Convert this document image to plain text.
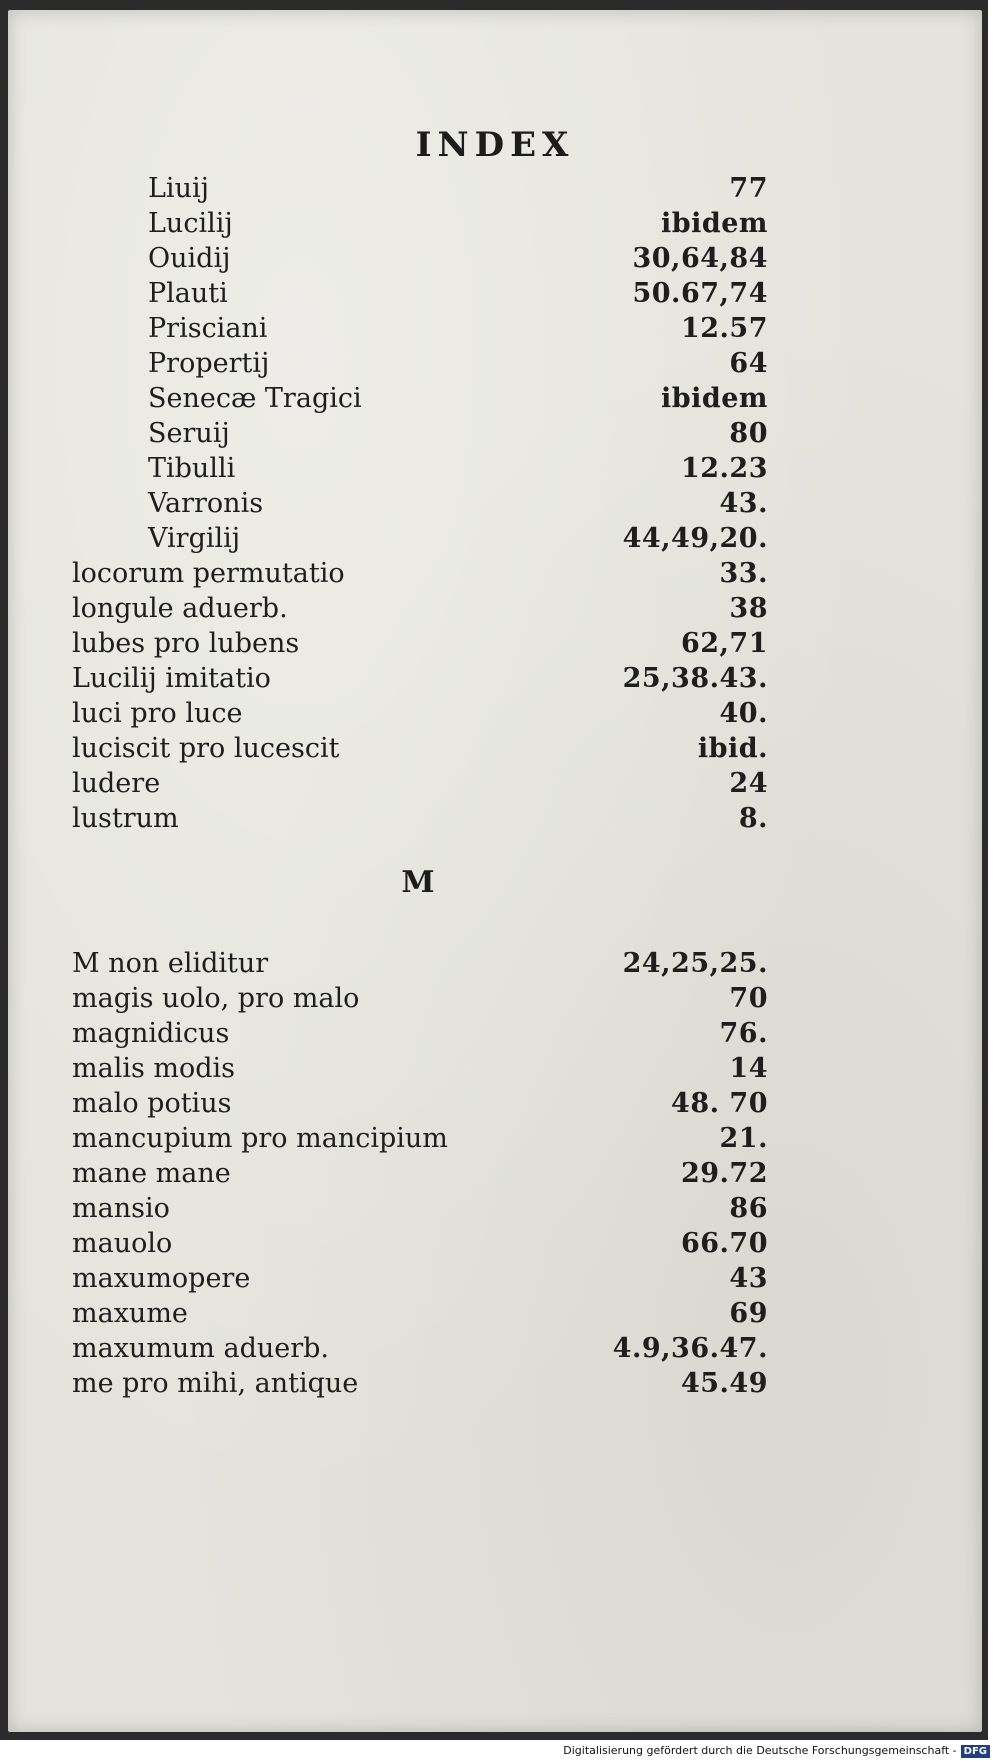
INDEX
Liuij	77
Lucilij	ibidem
Ouidij	30,64,84
Plauti	50.67,74
Prisciani	12.57
Propertij	64
Senecæ Tragici	ibidem
Seruij	80
Tibulli	12.23
Varronis	43.
Virgilij	44,49,20.
locorum permutatio	33.
longule aduerb.	38
lubes pro lubens	62,71
Lucilij imitatio	25,38.43.
luci pro luce	40.
luciscit pro lucescit	ibid.
ludere	24
lustrum	8.
M
M non eliditur	24,25,25.
magis uolo, pro malo	70
magnidicus	76.
malis modis	14
malo potius	48. 70
mancupium pro mancipium	21.
mane mane	29.72
mansio	86
mauolo	66.70
maxumopere	43
maxume	69
maxumum aduerb.	4.9,36.47.
me pro mihi, antique	45.49
Digitalisierung gefördert durch die Deutsche Forschungsgemeinschaft - DFG
